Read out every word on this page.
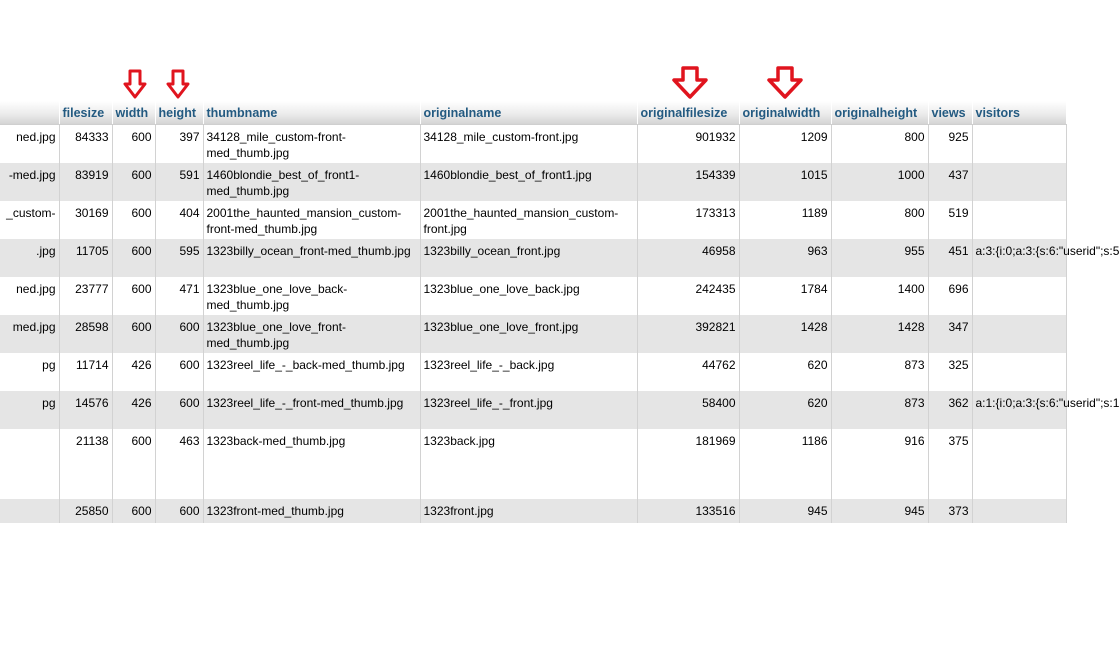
	filesize	width	height	thumbname	originalname	originalfilesize	originalwidth	originalheight	views	visitors
ned.jpg	84333	600	397	34128_mile_custom-front-med_thumb.jpg	34128_mile_custom-front.jpg	901932	1209	800	925	
-med.jpg	83919	600	591	1460blondie_best_of_front1-med_thumb.jpg	1460blondie_best_of_front1.jpg	154339	1015	1000	437	
_custom-	30169	600	404	2001the_haunted_mansion_custom-front-med_thumb.jpg	2001the_haunted_mansion_custom-front.jpg	173313	1189	800	519	
.jpg	11705	600	595	1323billy_ocean_front-med_thumb.jpg	1323billy_ocean_front.jpg	46958	963	955	451	a:3:{i:0;a:3:{s:6:"userid";s:5
ned.jpg	23777	600	471	1323blue_one_love_back-med_thumb.jpg	1323blue_one_love_back.jpg	242435	1784	1400	696	
med.jpg	28598	600	600	1323blue_one_love_front-med_thumb.jpg	1323blue_one_love_front.jpg	392821	1428	1428	347	
pg	11714	426	600	1323reel_life_-_back-med_thumb.jpg	1323reel_life_-_back.jpg	44762	620	873	325	
pg	14576	426	600	1323reel_life_-_front-med_thumb.jpg	1323reel_life_-_front.jpg	58400	620	873	362	a:1:{i:0;a:3:{s:6:"userid";s:1
	21138	600	463	1323back-med_thumb.jpg	1323back.jpg	181969	1186	916	375	
	25850	600	600	1323front-med_thumb.jpg	1323front.jpg	133516	945	945	373	
